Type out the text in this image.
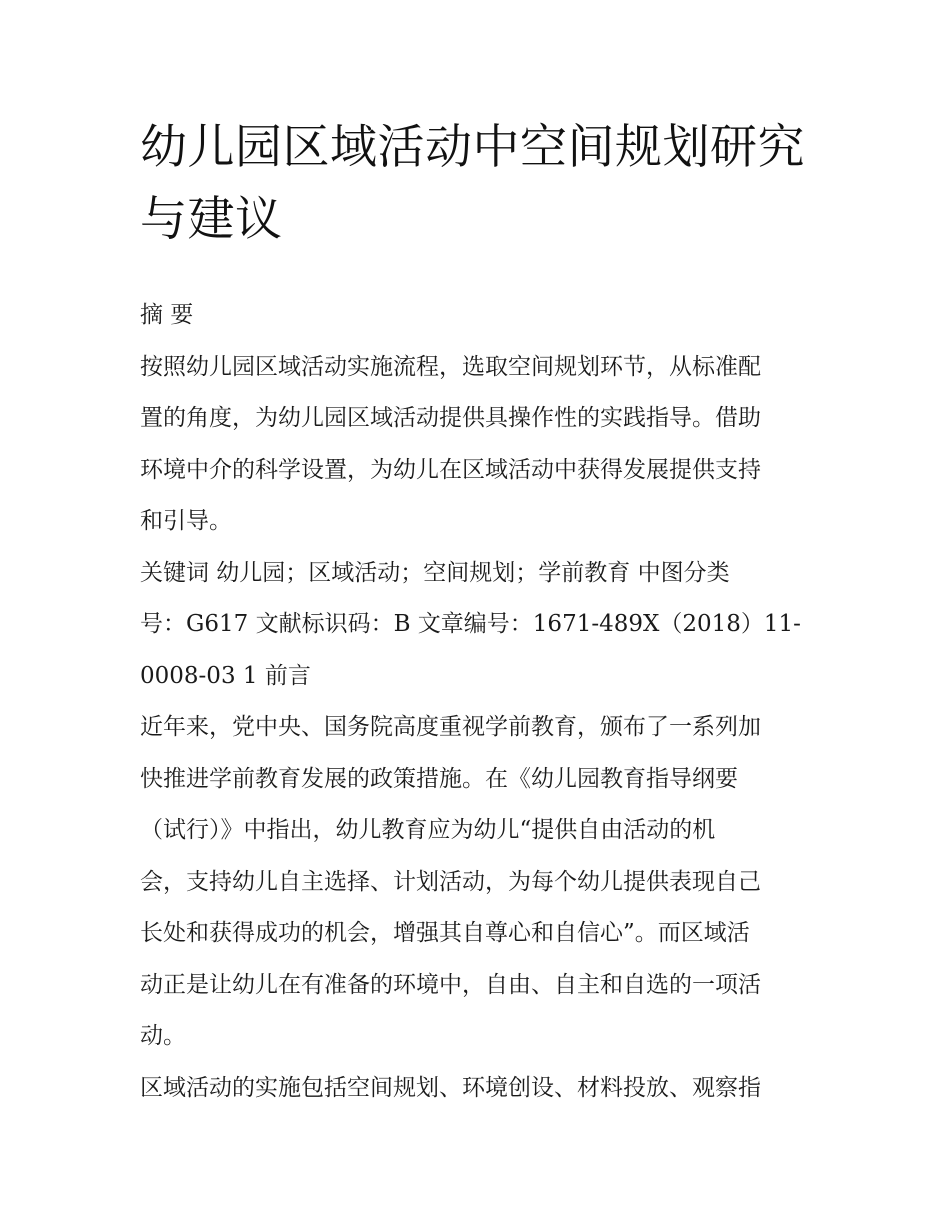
幼儿园区域活动中空间规划研究与建议

摘 要

按照幼儿园区域活动实施流程，选取空间规划环节，从标准配

置的角度，为幼儿园区域活动提供具操作性的实践指导。借助

环境中介的科学设置，为幼儿在区域活动中获得发展提供支持

和引导。

关键词 幼儿园；区域活动；空间规划；学前教育 中图分类

号：G617 文献标识码：B 文章编号：1671-489X（2018）11-

0008-03 1 前言

近年来，党中央、国务院高度重视学前教育，颁布了一系列加

快推进学前教育发展的政策措施。在《幼儿园教育指导纲要

（试行）》中指出，幼儿教育应为幼儿“提供自由活动的机

会，支持幼儿自主选择、计划活动，为每个幼儿提供表现自己

长处和获得成功的机会，增强其自尊心和自信心”。而区域活

动正是让幼儿在有准备的环境中，自由、自主和自选的一项活

动。

区域活动的实施包括空间规划、环境创设、材料投放、观察指
